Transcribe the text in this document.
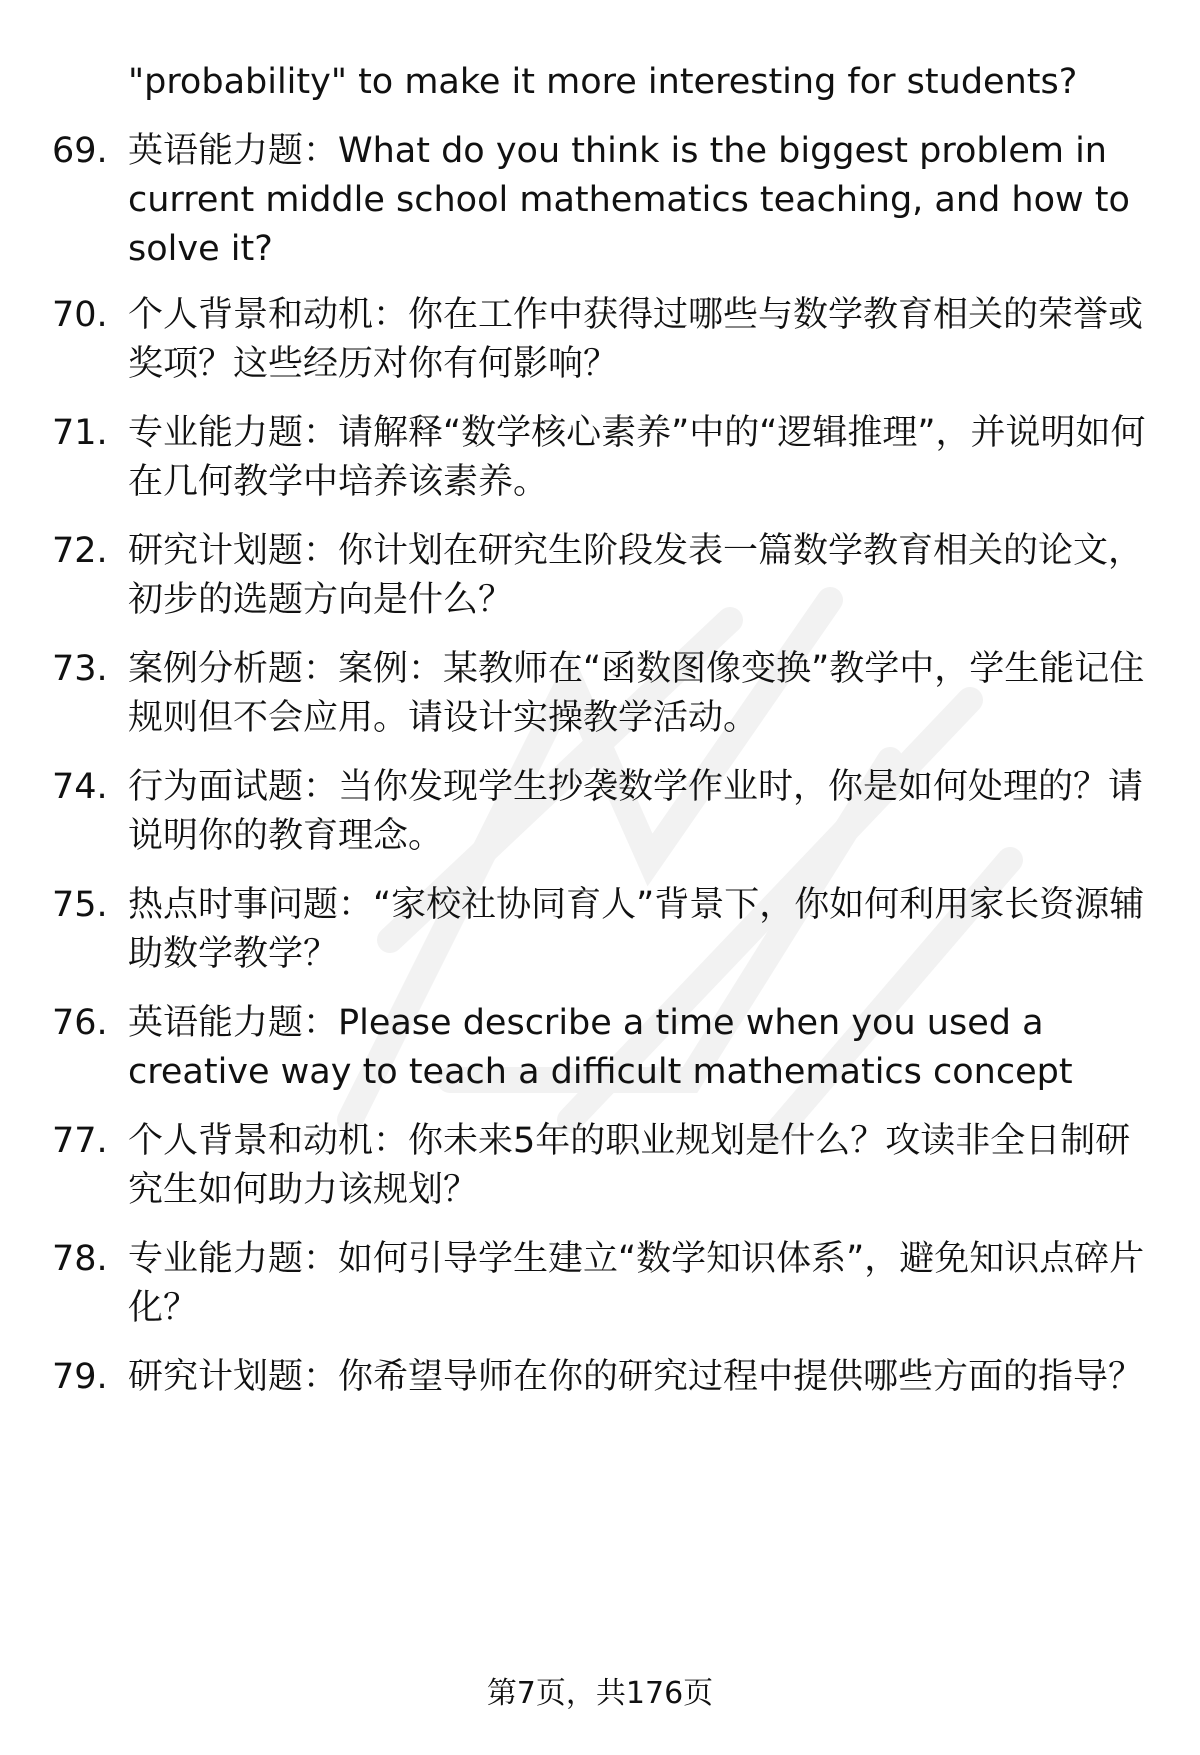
"probability" to make it more interesting for students?

69. 英语能力题：What do you think is the biggest problem in current middle school mathematics teaching, and how to solve it?

70. 个人背景和动机：你在工作中获得过哪些与数学教育相关的荣誉或奖项？这些经历对你有何影响？

71. 专业能力题：请解释“数学核心素养”中的“逻辑推理”，并说明如何在几何教学中培养该素养。

72. 研究计划题：你计划在研究生阶段发表一篇数学教育相关的论文，初步的选题方向是什么？

73. 案例分析题：案例：某教师在“函数图像变换”教学中，学生能记住规则但不会应用。请设计实操教学活动。

74. 行为面试题：当你发现学生抄袭数学作业时，你是如何处理的？请说明你的教育理念。

75. 热点时事问题：“家校社协同育人”背景下，你如何利用家长资源辅助数学教学？

76. 英语能力题：Please describe a time when you used a creative way to teach a difficult mathematics concept

77. 个人背景和动机：你未来5年的职业规划是什么？攻读非全日制研究生如何助力该规划？

78. 专业能力题：如何引导学生建立“数学知识体系”，避免知识点碎片化？

79. 研究计划题：你希望导师在你的研究过程中提供哪些方面的指导？

第7页，共176页
